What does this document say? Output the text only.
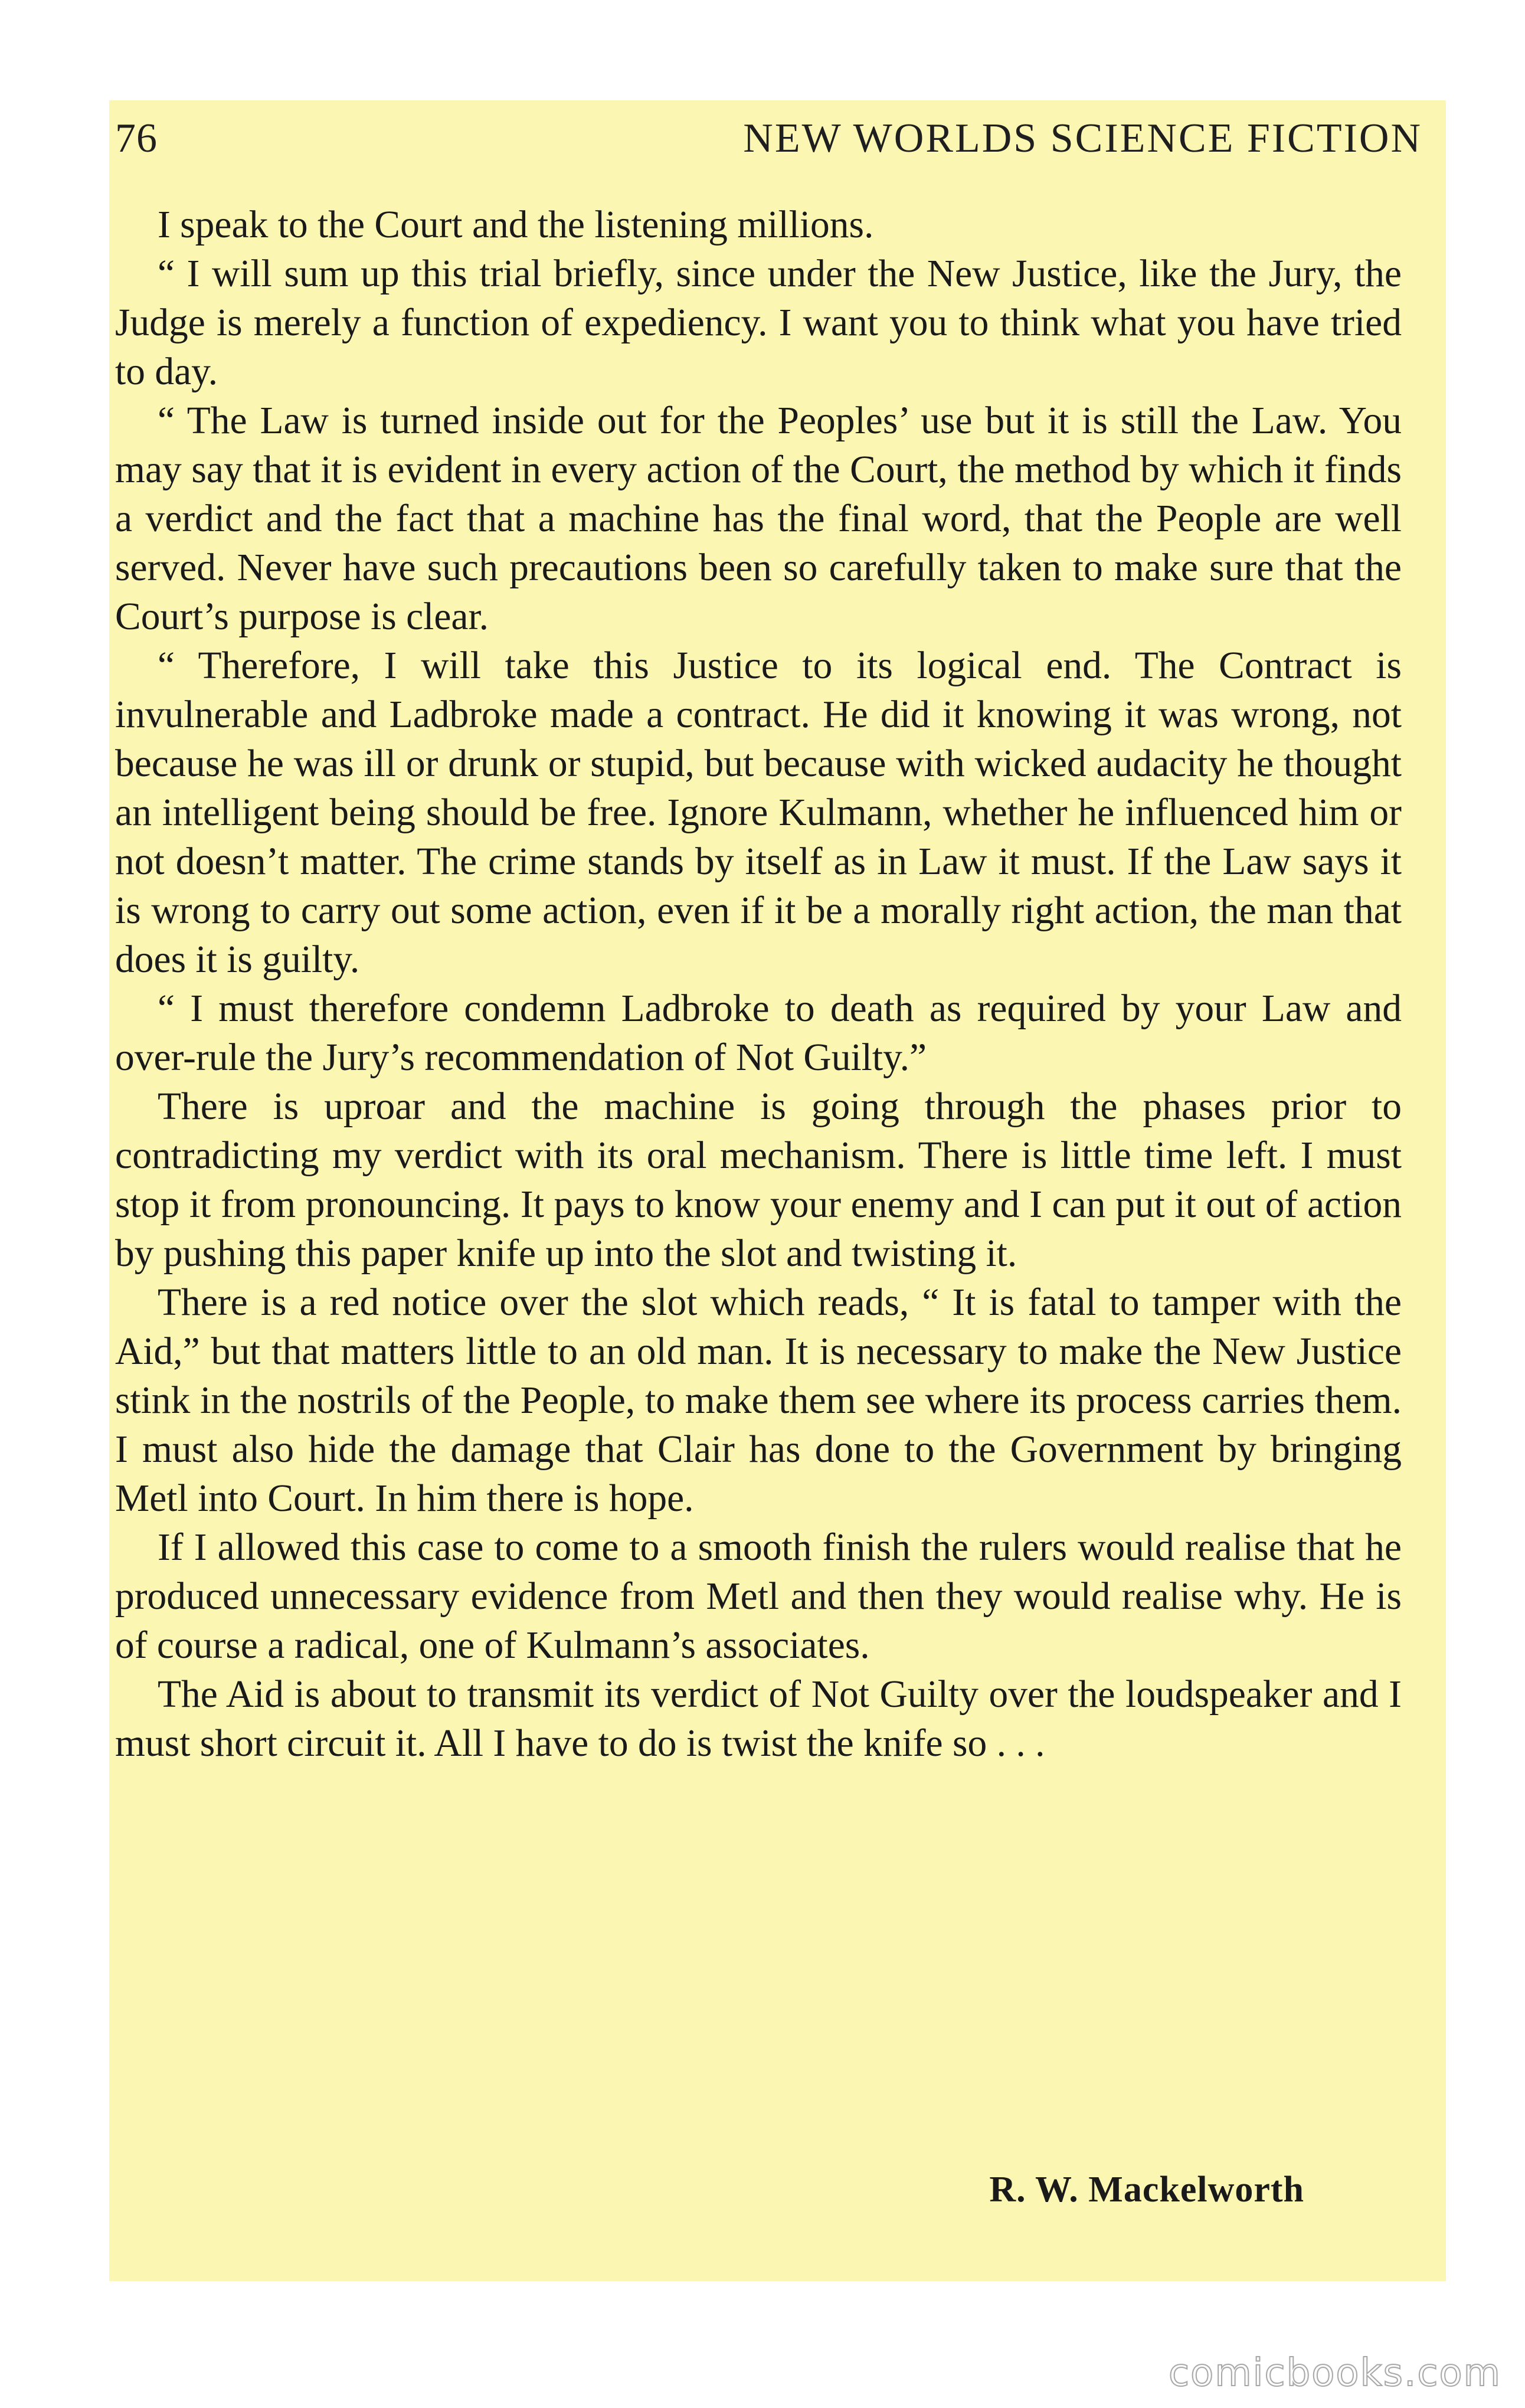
76	NEW WORLDS SCIENCE FICTION

I speak to the Court and the listening millions.

“ I will sum up this trial briefly, since under the New Justice, like the Jury, the Judge is merely a function of expediency. I want you to think what you have tried to day.

“ The Law is turned inside out for the Peoples’ use but it is still the Law. You may say that it is evident in every action of the Court, the method by which it finds a verdict and the fact that a machine has the final word, that the People are well served. Never have such precautions been so carefully taken to make sure that the Court’s purpose is clear.

“ Therefore, I will take this Justice to its logical end. The Contract is invulnerable and Ladbroke made a contract. He did it knowing it was wrong, not because he was ill or drunk or stupid, but because with wicked audacity he thought an intelligent being should be free. Ignore Kulmann, whether he influenced him or not doesn’t matter. The crime stands by itself as in Law it must. If the Law says it is wrong to carry out some action, even if it be a morally right action, the man that does it is guilty.

“ I must therefore condemn Ladbroke to death as required by your Law and over-rule the Jury’s recommendation of Not Guilty.”

There is uproar and the machine is going through the phases prior to contradicting my verdict with its oral mechanism. There is little time left. I must stop it from pronouncing. It pays to know your enemy and I can put it out of action by pushing this paper knife up into the slot and twisting it.

There is a red notice over the slot which reads, “ It is fatal to tamper with the Aid,” but that matters little to an old man. It is necessary to make the New Justice stink in the nostrils of the People, to make them see where its process carries them. I must also hide the damage that Clair has done to the Government by bringing Metl into Court. In him there is hope.

If I allowed this case to come to a smooth finish the rulers would realise that he produced unnecessary evidence from Metl and then they would realise why. He is of course a radical, one of Kulmann’s associates.

The Aid is about to transmit its verdict of Not Guilty over the loudspeaker and I must short circuit it. All I have to do is twist the knife so . . .

R. W. Mackelworth
comicbooks.com
